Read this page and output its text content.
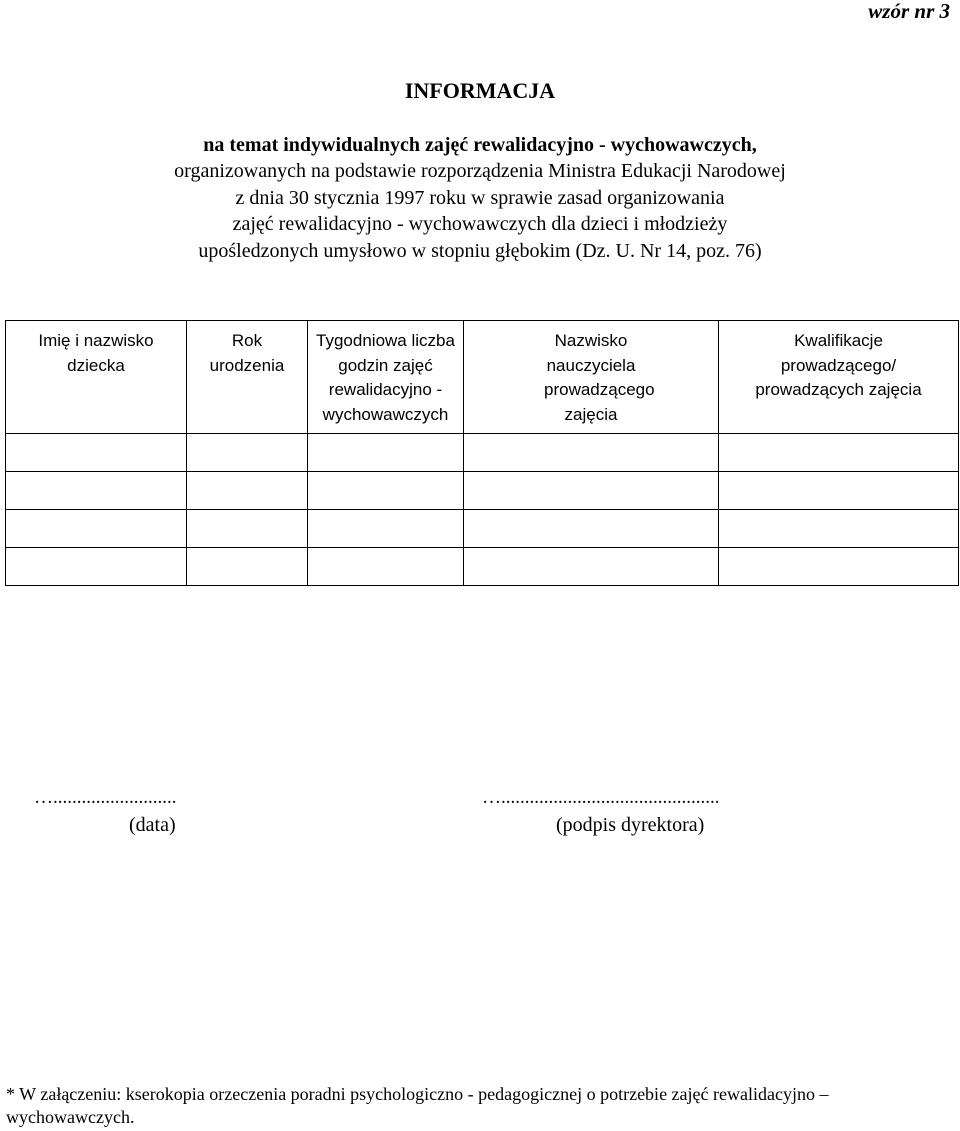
wzór nr 3
INFORMACJA
na temat indywidualnych zajęć rewalidacyjno - wychowawczych,
organizowanych na podstawie rozporządzenia Ministra Edukacji Narodowej
z dnia 30 stycznia 1997 roku w sprawie zasad organizowania
zajęć rewalidacyjno - wychowawczych dla dzieci i młodzieży
upośledzonych umysłowo w stopniu głębokim (Dz. U. Nr 14, poz. 76)
Imię i nazwisko dziecka	Rok urodzenia	Tygodniowa liczba godzin zajęć rewalidacyjno - wychowawczych	Nazwisko nauczyciela prowadzącego zajęcia	Kwalifikacje prowadzącego/ prowadzących zajęcia

…..........................
(data)
…..............................................
(podpis dyrektora)
* W załączeniu: kserokopia orzeczenia poradni psychologiczno - pedagogicznej o potrzebie zajęć rewalidacyjno – wychowawczych.
